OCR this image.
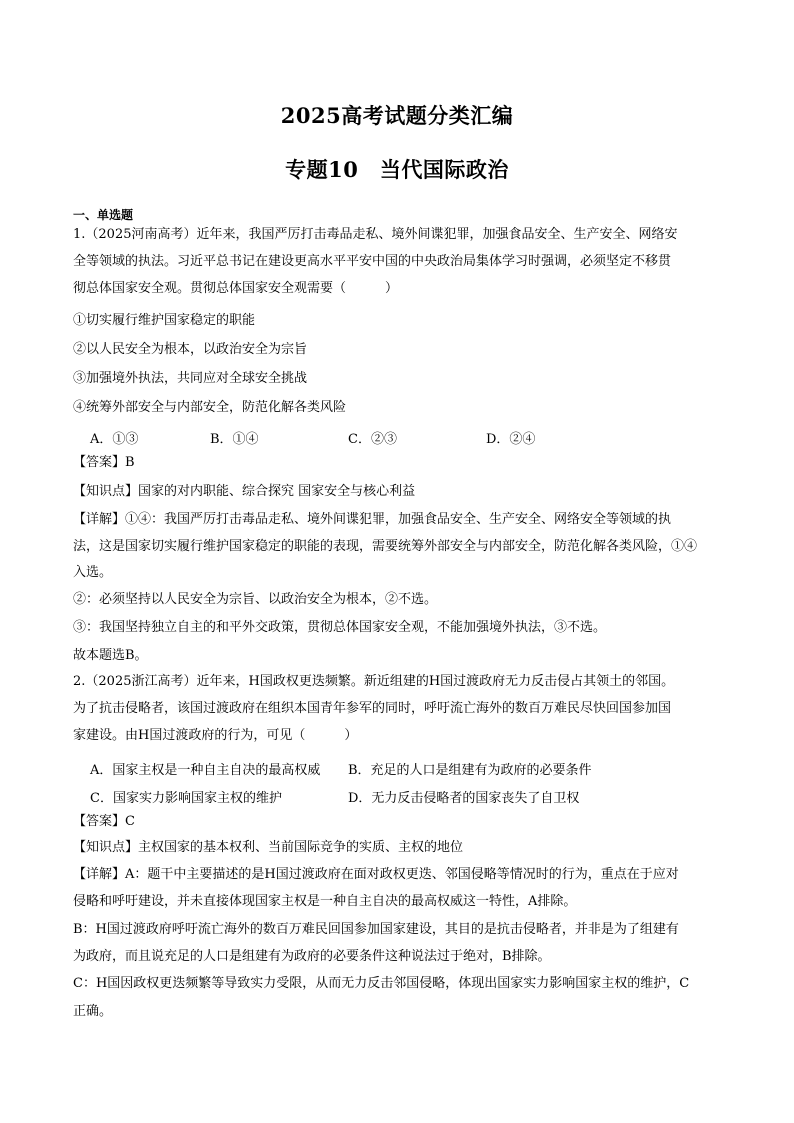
2025高考试题分类汇编
专题10　当代国际政治
一、单选题
1.（2025河南高考）近年来，我国严厉打击毒品走私、境外间谍犯罪，加强食品安全、生产安全、网络安
全等领域的执法。习近平总书记在建设更高水平平安中国的中央政治局集体学习时强调，必须坚定不移贯
彻总体国家安全观。贯彻总体国家安全观需要（　　　）
①切实履行维护国家稳定的职能
②以人民安全为根本，以政治安全为宗旨
③加强境外执法，共同应对全球安全挑战
④统筹外部安全与内部安全，防范化解各类风险
A．①③	B．①④	C．②③	D．②④
【答案】B
【知识点】国家的对内职能、综合探究 国家安全与核心利益
【详解】①④：我国严厉打击毒品走私、境外间谍犯罪，加强食品安全、生产安全、网络安全等领域的执
法，这是国家切实履行维护国家稳定的职能的表现，需要统筹外部安全与内部安全，防范化解各类风险，①④
入选。
②：必须坚持以人民安全为宗旨、以政治安全为根本，②不选。
③：我国坚持独立自主的和平外交政策，贯彻总体国家安全观，不能加强境外执法，③不选。
故本题选B。
2.（2025浙江高考）近年来，H国政权更迭频繁。新近组建的H国过渡政府无力反击侵占其领土的邻国。
为了抗击侵略者，该国过渡政府在组织本国青年参军的同时，呼吁流亡海外的数百万难民尽快回国参加国
家建设。由H国过渡政府的行为，可见（　　　）
A．国家主权是一种自主自决的最高权威 B．充足的人口是组建有为政府的必要条件
C．国家实力影响国家主权的维护	D．无力反击侵略者的国家丧失了自卫权
【答案】C
【知识点】主权国家的基本权利、当前国际竞争的实质、主权的地位
【详解】A：题干中主要描述的是H国过渡政府在面对政权更迭、邻国侵略等情况时的行为，重点在于应对
侵略和呼吁建设，并未直接体现国家主权是一种自主自决的最高权威这一特性，A排除。
B：H国过渡政府呼吁流亡海外的数百万难民回国参加国家建设，其目的是抗击侵略者，并非是为了组建有
为政府，而且说充足的人口是组建有为政府的必要条件这种说法过于绝对，B排除。
C：H国因政权更迭频繁等导致实力受限，从而无力反击邻国侵略，体现出国家实力影响国家主权的维护，C
正确。
